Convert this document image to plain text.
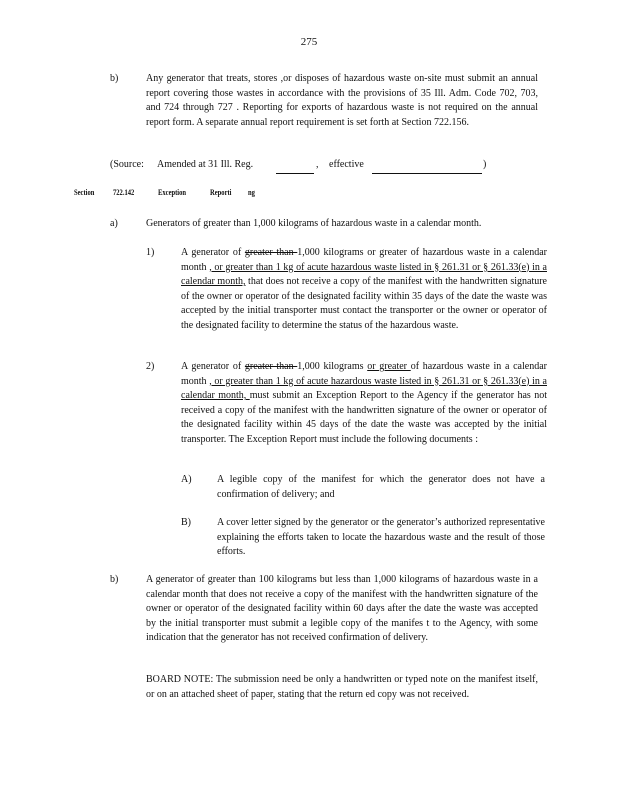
275
b)	Any generator that treats, stores ,or disposes of hazardous waste on-site must submit an annual report covering those wastes in accordance with the provisions of 35 Ill. Adm. Code 702, 703, and 724 through 727 . Reporting for exports of hazardous waste is not required on the annual report form. A separate annual report requirement is set forth at Section 722.156.
(Source: Amended at 31 Ill. Reg.
	, effective
	)
Section 722.142	Exception	Reporti ng
a)	Generators of greater than 1,000 kilograms of hazardous waste in a calendar month.
1)	A generator of greater than 1,000 kilograms or greater of hazardous waste in a calendar month , or greater than 1 kg of acute hazardous waste listed in § 261.31 or § 261.33(e) in a calendar month, that does not receive a copy of the manifest with the handwritten signature of the owner or operator of the designated facility within 35 days of the date the waste was accepted by the initial transporter must contact the transporter or the owner or operator of the designated facility to determine the status of the hazardous waste.
2)	A generator of greater than 1,000 kilograms or greater of hazardous waste in a calendar month , or greater than 1 kg of acute hazardous waste listed in § 261.31 or § 261.33(e) in a calendar month, must submit an Exception Report to the Agency if the generator has not received a copy of the manifest with the handwritten signature of the owner or operator of the designated facility within 45 days of the date the waste was accepted by the initial transporter. The Exception Report must include the following documents :
A)	A legible copy of the manifest for which the generator does not have a confirmation of delivery; and
B)	A cover letter signed by the generator or the generator’s authorized representative explaining the efforts taken to locate the hazardous waste and the result of those efforts.
b)	A generator of greater than 100 kilograms but less than 1,000 kilograms of hazardous waste in a calendar month that does not receive a copy of the manifest with the handwritten signature of the owner or operator of the designated facility within 60 days after the date the waste was accepted by the initial transporter must submit a legible copy of the manifes t to the Agency, with some indication that the generator has not received confirmation of delivery.
BOARD NOTE: The submission need be only a handwritten or typed note on the manifest itself, or on an attached sheet of paper, stating that the return ed copy was not received.
